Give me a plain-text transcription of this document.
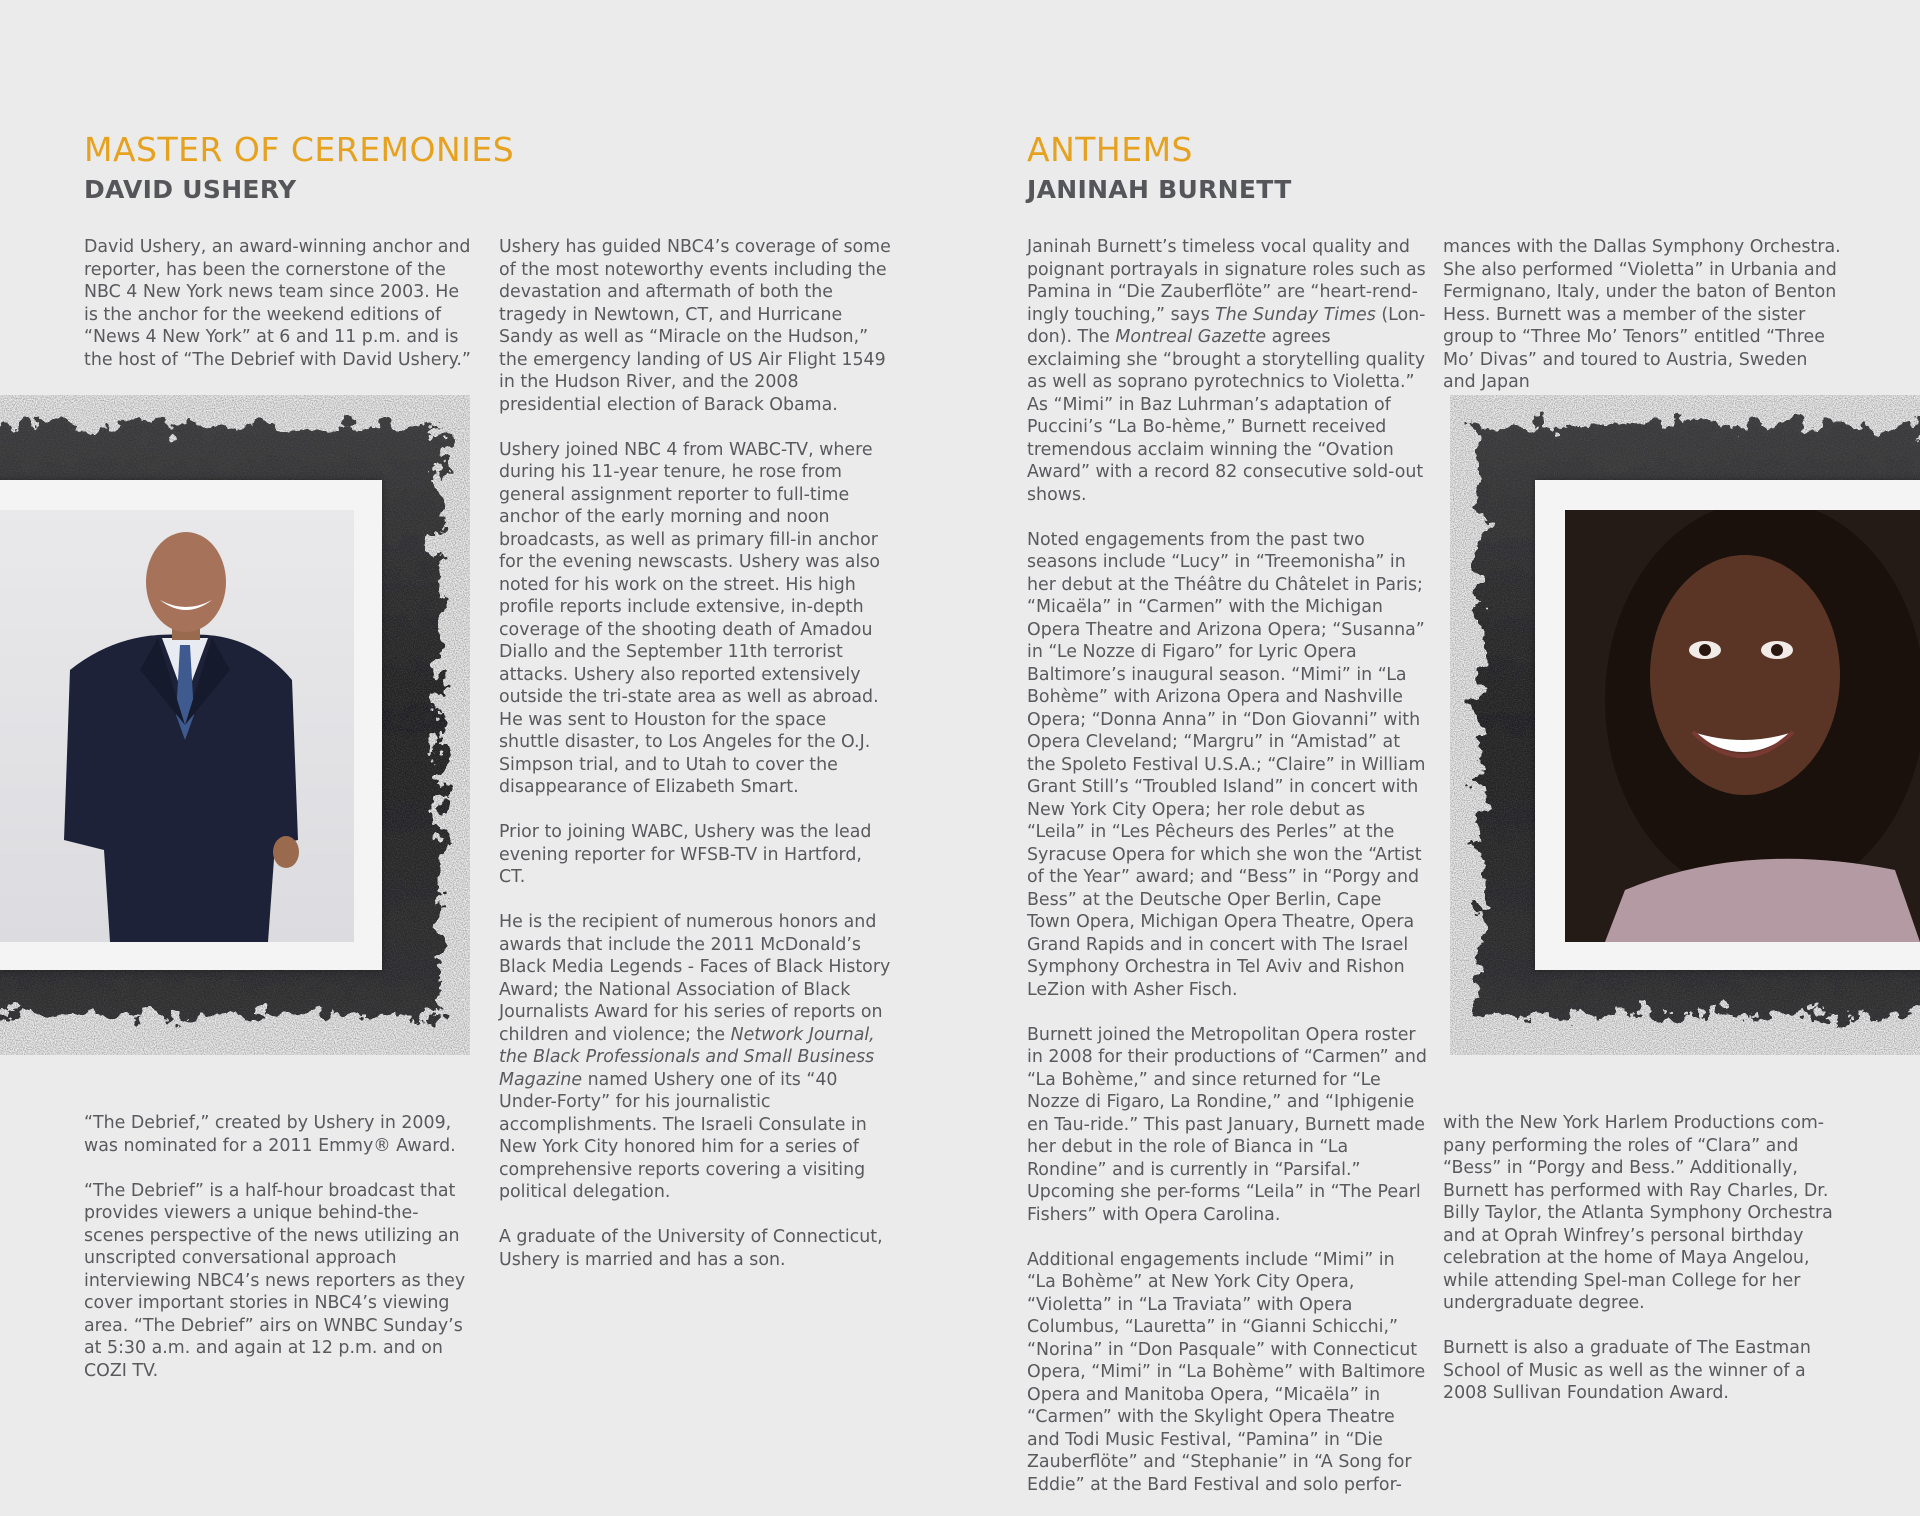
MASTER OF CEREMONIES
DAVID USHERY

David Ushery, an award-winning anchor and reporter, has been the cornerstone of the NBC 4 New York news team since 2003. He is the anchor for the weekend editions of “News 4 New York” at 6 and 11 p.m. and is the host of “The Debrief with David Ushery.”

“The Debrief,” created by Ushery in 2009, was nominated for a 2011 Emmy® Award.

“The Debrief” is a half-hour broadcast that provides viewers a unique behind-the-scenes perspective of the news utilizing an unscripted conversational approach interviewing NBC4’s news reporters as they cover important stories in NBC4’s viewing area. “The Debrief” airs on WNBC Sunday’s at 5:30 a.m. and again at 12 p.m. and on COZI TV.

Ushery has guided NBC4’s coverage of some of the most noteworthy events including the devastation and aftermath of both the tragedy in Newtown, CT, and Hurricane Sandy as well as “Miracle on the Hudson,” the emergency landing of US Air Flight 1549 in the Hudson River, and the 2008 presidential election of Barack Obama.

Ushery joined NBC 4 from WABC-TV, where during his 11-year tenure, he rose from general assignment reporter to full-time anchor of the early morning and noon broadcasts, as well as primary fill-in anchor for the evening newscasts. Ushery was also noted for his work on the street. His high profile reports include extensive, in-depth coverage of the shooting death of Amadou Diallo and the September 11th terrorist attacks. Ushery also reported extensively outside the tri-state area as well as abroad. He was sent to Houston for the space shuttle disaster, to Los Angeles for the O.J. Simpson trial, and to Utah to cover the disappearance of Elizabeth Smart.

Prior to joining WABC, Ushery was the lead evening reporter for WFSB-TV in Hartford, CT.

He is the recipient of numerous honors and awards that include the 2011 McDonald’s Black Media Legends - Faces of Black History Award; the National Association of Black Journalists Award for his series of reports on children and violence; the Network Journal, the Black Professionals and Small Business Magazine named Ushery one of its “40 Under-Forty” for his journalistic accomplishments. The Israeli Consulate in New York City honored him for a series of comprehensive reports covering a visiting political delegation.

A graduate of the University of Connecticut, Ushery is married and has a son.

ANTHEMS
JANINAH BURNETT

Janinah Burnett’s timeless vocal quality and poignant portrayals in signature roles such as Pamina in “Die Zauberflöte” are “heart-rend-ingly touching,” says The Sunday Times (Lon-don). The Montreal Gazette agrees exclaiming she “brought a storytelling quality as well as soprano pyrotechnics to Violetta.” As “Mimi” in Baz Luhrman’s adaptation of Puccini’s “La Bo-hème,” Burnett received tremendous acclaim winning the “Ovation Award” with a record 82 consecutive sold-out shows.

Noted engagements from the past two seasons include “Lucy” in “Treemonisha” in her debut at the Théâtre du Châtelet in Paris; “Micaëla” in “Carmen” with the Michigan Opera Theatre and Arizona Opera; “Susanna” in “Le Nozze di Figaro” for Lyric Opera Baltimore’s inaugural season. “Mimi” in “La Bohème” with Arizona Opera and Nashville Opera; “Donna Anna” in “Don Giovanni” with Opera Cleveland; “Margru” in “Amistad” at the Spoleto Festival U.S.A.; “Claire” in William Grant Still’s “Troubled Island” in concert with New York City Opera; her role debut as “Leila” in “Les Pêcheurs des Perles” at the Syracuse Opera for which she won the “Artist of the Year” award; and “Bess” in “Porgy and Bess” at the Deutsche Oper Berlin, Cape Town Opera, Michigan Opera Theatre, Opera Grand Rapids and in concert with The Israel Symphony Orchestra in Tel Aviv and Rishon LeZion with Asher Fisch.

Burnett joined the Metropolitan Opera roster in 2008 for their productions of “Carmen” and “La Bohème,” and since returned for “Le Nozze di Figaro, La Rondine,” and “Iphigenie en Tau-ride.” This past January, Burnett made her debut in the role of Bianca in “La Rondine” and is currently in “Parsifal.” Upcoming she per-forms “Leila” in “The Pearl Fishers” with Opera Carolina.

Additional engagements include “Mimi” in “La Bohème” at New York City Opera, “Violetta” in “La Traviata” with Opera Columbus, “Lauretta” in “Gianni Schicchi,” “Norina” in “Don Pasquale” with Connecticut Opera, “Mimi” in “La Bohème” with Baltimore Opera and Manitoba Opera, “Micaëla” in “Carmen” with the Skylight Opera Theatre and Todi Music Festival, “Pamina” in “Die Zauberflöte” and “Stephanie” in “A Song for Eddie” at the Bard Festival and solo perfor-

mances with the Dallas Symphony Orchestra. She also performed “Violetta” in Urbania and Fermignano, Italy, under the baton of Benton Hess. Burnett was a member of the sister group to “Three Mo’ Tenors” entitled “Three Mo’ Divas” and toured to Austria, Sweden and Japan

with the New York Harlem Productions com-pany performing the roles of “Clara” and “Bess” in “Porgy and Bess.” Additionally, Burnett has performed with Ray Charles, Dr. Billy Taylor, the Atlanta Symphony Orchestra and at Oprah Winfrey’s personal birthday celebration at the home of Maya Angelou, while attending Spel-man College for her undergraduate degree.

Burnett is also a graduate of The Eastman School of Music as well as the winner of a 2008 Sullivan Foundation Award.
